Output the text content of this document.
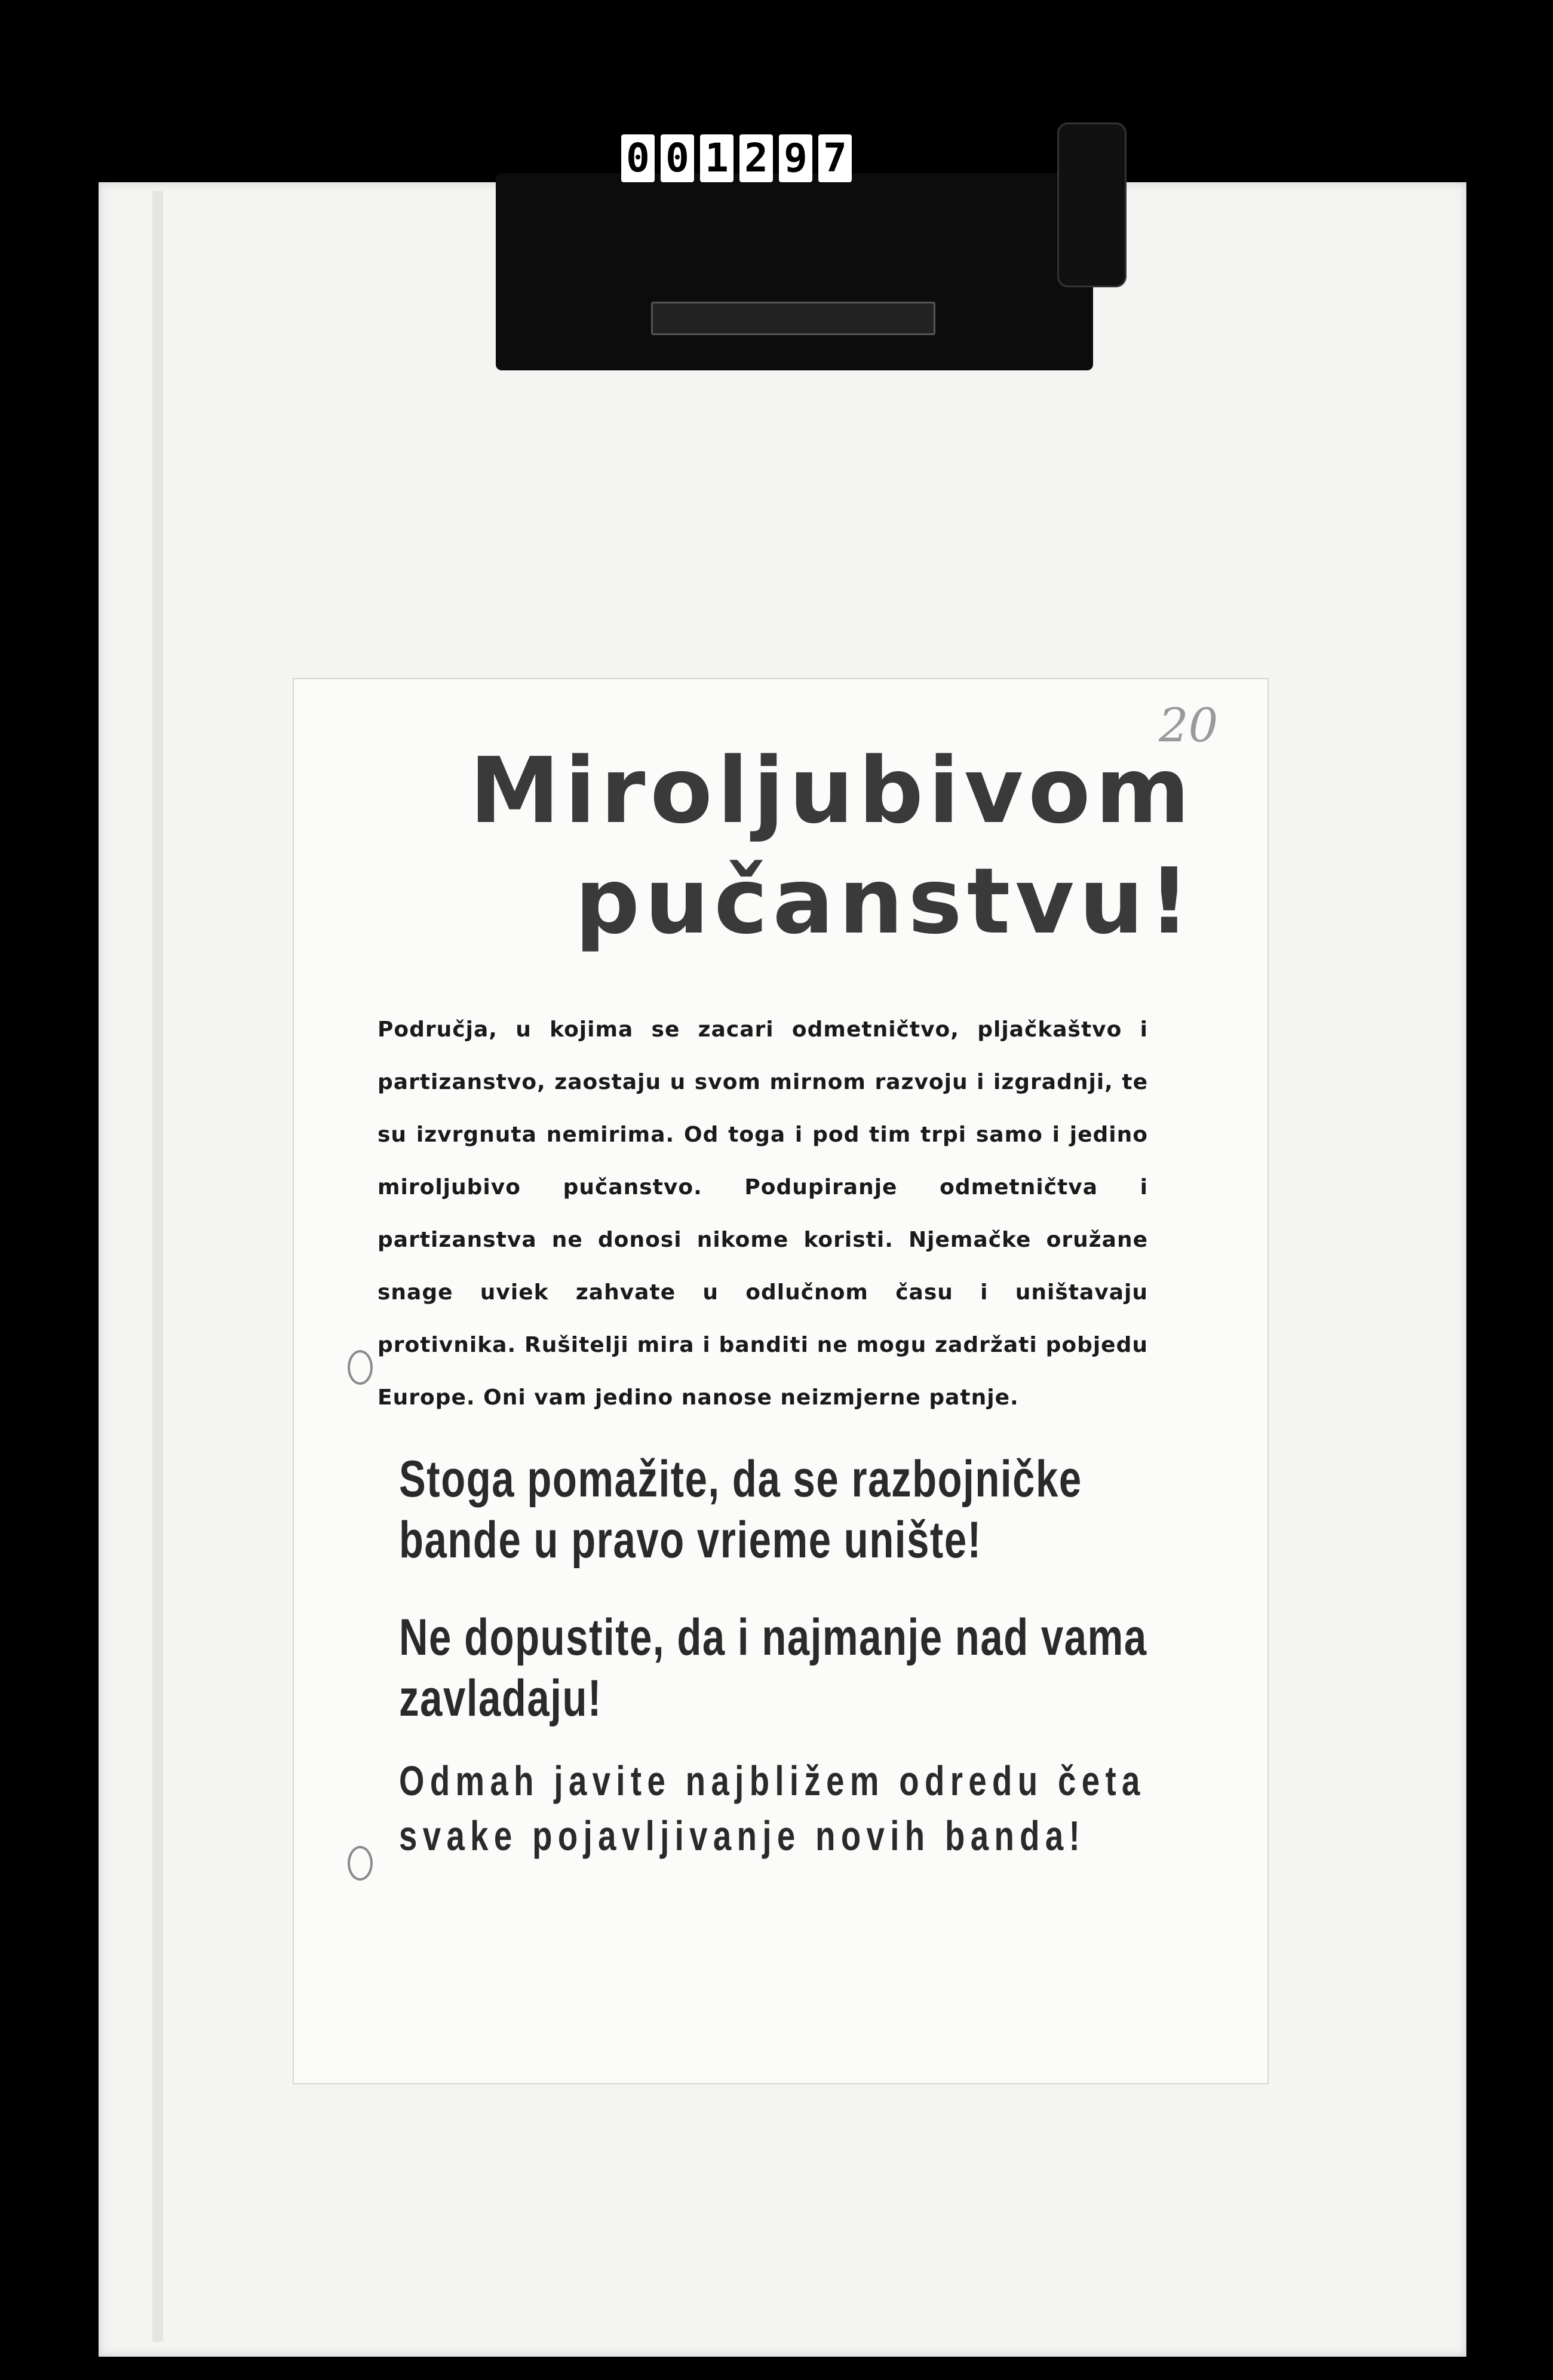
0 0 1 2 9 7
20
Miroljubivom
pučanstvu!

Područja, u kojima se zacari odmetničtvo, pljačkaštvo i partizanstvo, zaostaju u svom mirnom razvoju i izgradnji, te su izvrgnuta nemirima. Od toga i pod tim trpi samo i jedino miroljubivo pučanstvo. Podupiranje odmetničtva i partizanstva ne donosi nikome koristi. Njemačke oružane snage uviek zahvate u odlučnom času i uništavaju protivnika. Rušitelji mira i banditi ne mogu zadržati pobjedu Europe. Oni vam jedino nanose neizmjerne patnje.

Stoga pomažite, da se razbojničke bande u pravo vrieme unište!

Ne dopustite, da i najmanje nad vama zavladaju!

Odmah javite najbližem odredu četa svake pojavljivanje novih banda!
